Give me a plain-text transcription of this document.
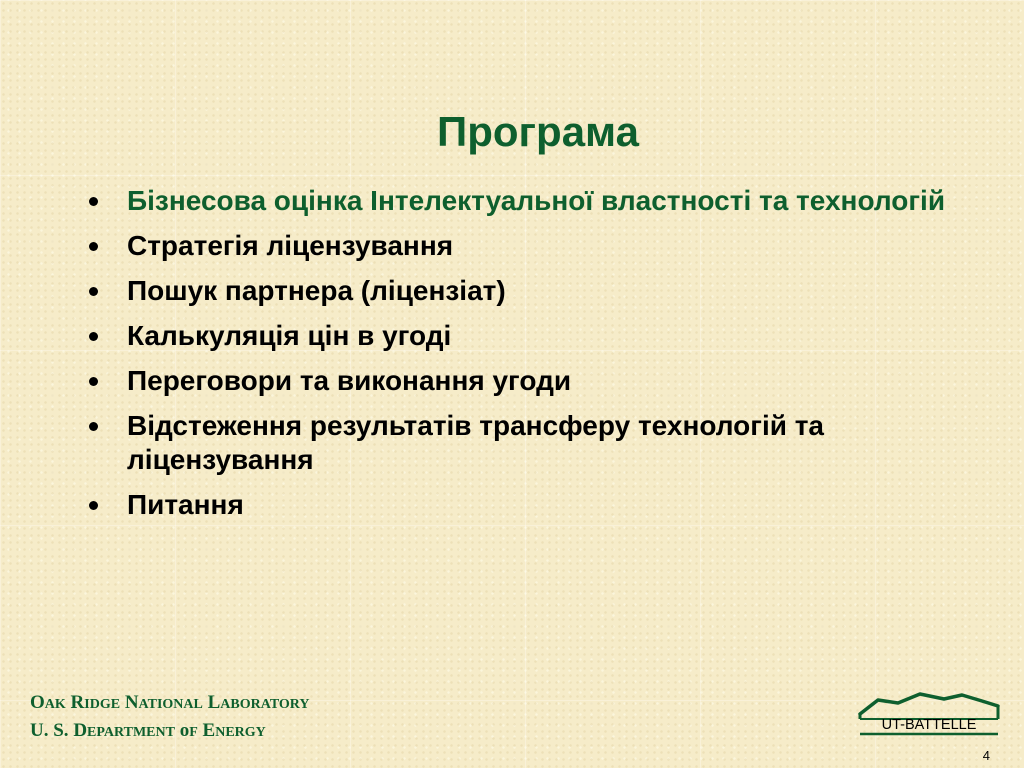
Програма
Бізнесова оцінка Інтелектуальної властності та технологій
Стратегія ліцензування
Пошук партнера (ліцензіат)
Калькуляція цін в угоді
Переговори та виконання угоди
Відстеження результатів трансферу технологій та ліцензування
Питання
OAK RIDGE NATIONAL LABORATORY
U. S. DEPARTMENT oF ENERGY	UT-BATTELLE
4
